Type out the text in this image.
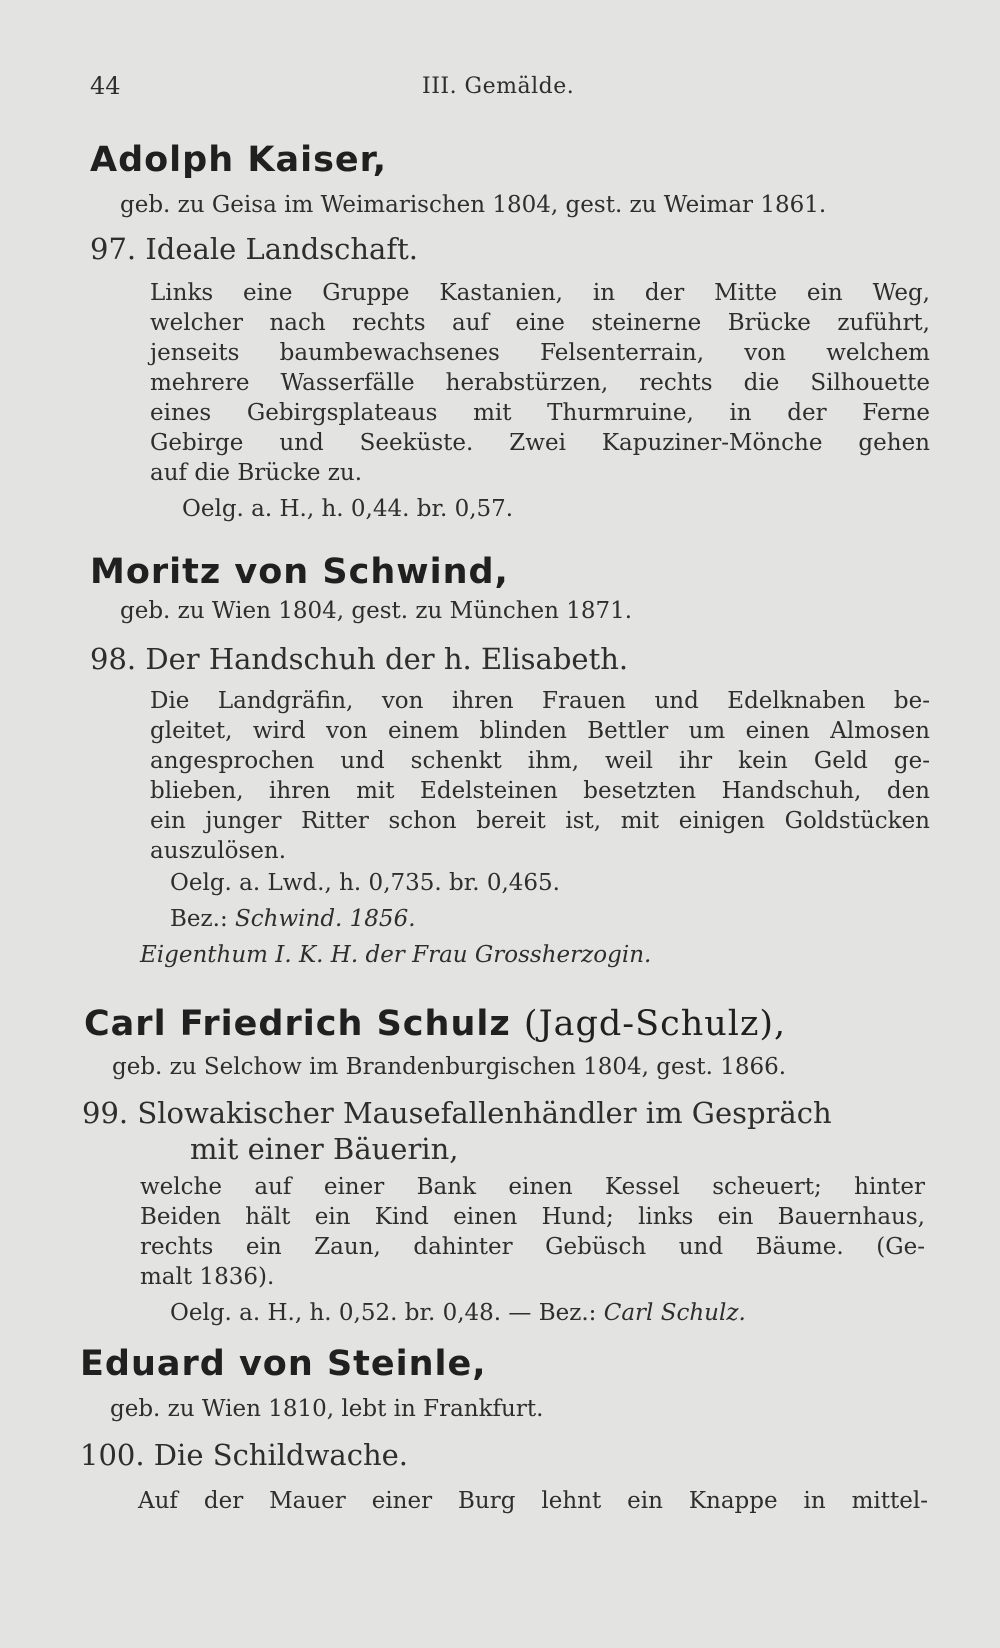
44	III. Gemälde.
Adolph Kaiser,
geb. zu Geisa im Weimarischen 1804, gest. zu Weimar 1861.
97. Ideale Landschaft.
Links eine Gruppe Kastanien, in der Mitte ein Weg,
welcher nach rechts auf eine steinerne Brücke zuführt,
jenseits baumbewachsenes Felsenterrain, von welchem
mehrere Wasserfälle herabstürzen, rechts die Silhouette
eines Gebirgsplateaus mit Thurmruine, in der Ferne
Gebirge und Seeküste. Zwei Kapuziner-Mönche gehen
auf die Brücke zu.
Oelg. a. H., h. 0,44. br. 0,57.
Moritz von Schwind,
geb. zu Wien 1804, gest. zu München 1871.
98. Der Handschuh der h. Elisabeth.
Die Landgräfin, von ihren Frauen und Edelknaben be-
gleitet, wird von einem blinden Bettler um einen Almosen
angesprochen und schenkt ihm, weil ihr kein Geld ge-
blieben, ihren mit Edelsteinen besetzten Handschuh, den
ein junger Ritter schon bereit ist, mit einigen Goldstücken
auszulösen.
Oelg. a. Lwd., h. 0,735. br. 0,465.
Bez.: Schwind. 1856.
Eigenthum I. K. H. der Frau Grossherzogin.
Carl Friedrich Schulz (Jagd-Schulz),
geb. zu Selchow im Brandenburgischen 1804, gest. 1866.
99. Slowakischer Mausefallenhändler im Gespräch
mit einer Bäuerin,
welche auf einer Bank einen Kessel scheuert; hinter
Beiden hält ein Kind einen Hund; links ein Bauernhaus,
rechts ein Zaun, dahinter Gebüsch und Bäume. (Ge-
malt 1836).
Oelg. a. H., h. 0,52. br. 0,48. — Bez.: Carl Schulz.
Eduard von Steinle,
geb. zu Wien 1810, lebt in Frankfurt.
100. Die Schildwache.
Auf der Mauer einer Burg lehnt ein Knappe in mittel-
